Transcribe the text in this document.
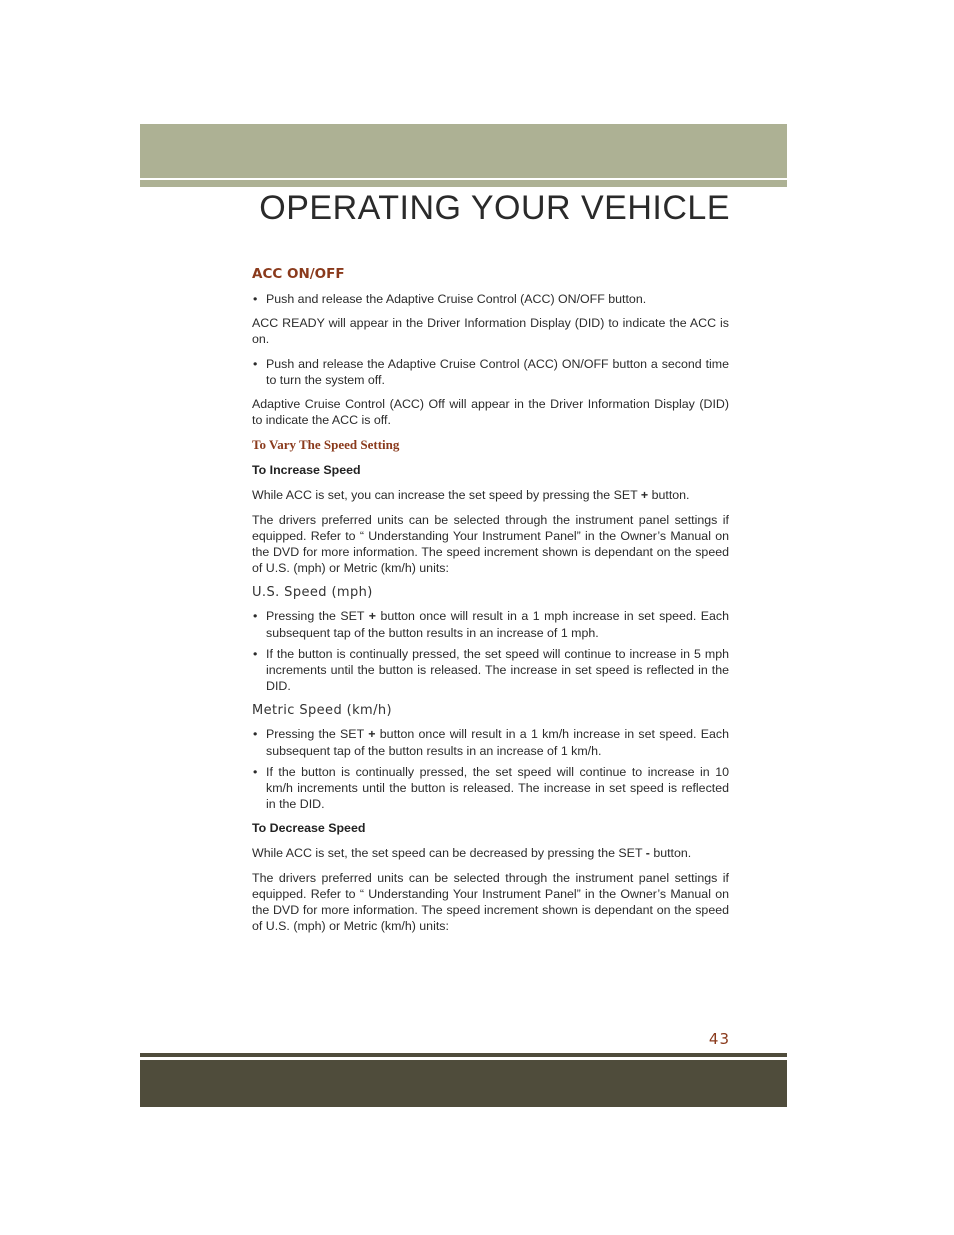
OPERATING YOUR VEHICLE
ACC ON/OFF
• Push and release the Adaptive Cruise Control (ACC) ON/OFF button.

ACC READY will appear in the Driver Information Display (DID) to indicate the ACC is on.

• Push and release the Adaptive Cruise Control (ACC) ON/OFF button a second time to turn the system off.

Adaptive Cruise Control (ACC) Off will appear in the Driver Information Display (DID) to indicate the ACC is off.

To Vary The Speed Setting
To Increase Speed

While ACC is set, you can increase the set speed by pressing the SET + button.

The drivers preferred units can be selected through the instrument panel settings if equipped. Refer to “ Understanding Your Instrument Panel” in the Owner’s Manual on the DVD for more information. The speed increment shown is dependant on the speed of U.S. (mph) or Metric (km/h) units:

U.S. Speed (mph)
• Pressing the SET + button once will result in a 1 mph increase in set speed. Each subsequent tap of the button results in an increase of 1 mph.
• If the button is continually pressed, the set speed will continue to increase in 5 mph increments until the button is released. The increase in set speed is reflected in the DID.
Metric Speed (km/h)
• Pressing the SET + button once will result in a 1 km/h increase in set speed. Each subsequent tap of the button results in an increase of 1 km/h.
• If the button is continually pressed, the set speed will continue to increase in 10 km/h increments until the button is released. The increase in set speed is reflected in the DID.
To Decrease Speed

While ACC is set, the set speed can be decreased by pressing the SET - button.

The drivers preferred units can be selected through the instrument panel settings if equipped. Refer to “ Understanding Your Instrument Panel” in the Owner’s Manual on the DVD for more information. The speed increment shown is dependant on the speed of U.S. (mph) or Metric (km/h) units:

43
